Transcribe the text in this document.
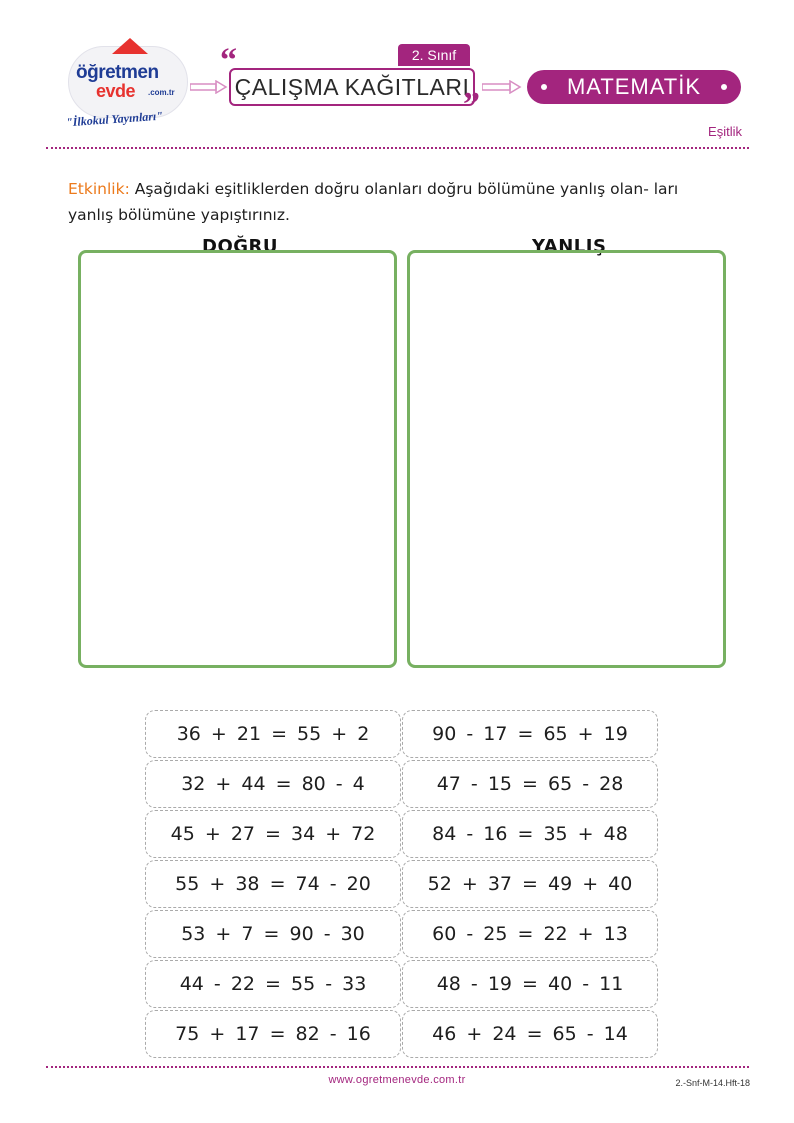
öğretmen
evde .com.tr
"İlkokul Yayınları"
“	2. Sınıf
ÇALIŞMA KAĞITLARI
”	MATEMATİK
Eşitlik
Etkinlik: Aşağıdaki eşitliklerden doğru olanları doğru bölümüne yanlış olan- ları yanlış bölümüne yapıştırınız.
DOĞRU	YANLIŞ
36 + 21 = 55 + 2
32 + 44 = 80 - 4
45 + 27 = 34 + 72
55 + 38 = 74 - 20
53 + 7 = 90 - 30
44 - 22 = 55 - 33
75 + 17 = 82 - 16
90 - 17 = 65 + 19
47 - 15 = 65 - 28
84 - 16 = 35 + 48
52 + 37 = 49 + 40
60 - 25 = 22 + 13
48 - 19 = 40 - 11
46 + 24 = 65 - 14
www.ogretmenevde.com.tr	2.-Snf-M-14.Hft-18
